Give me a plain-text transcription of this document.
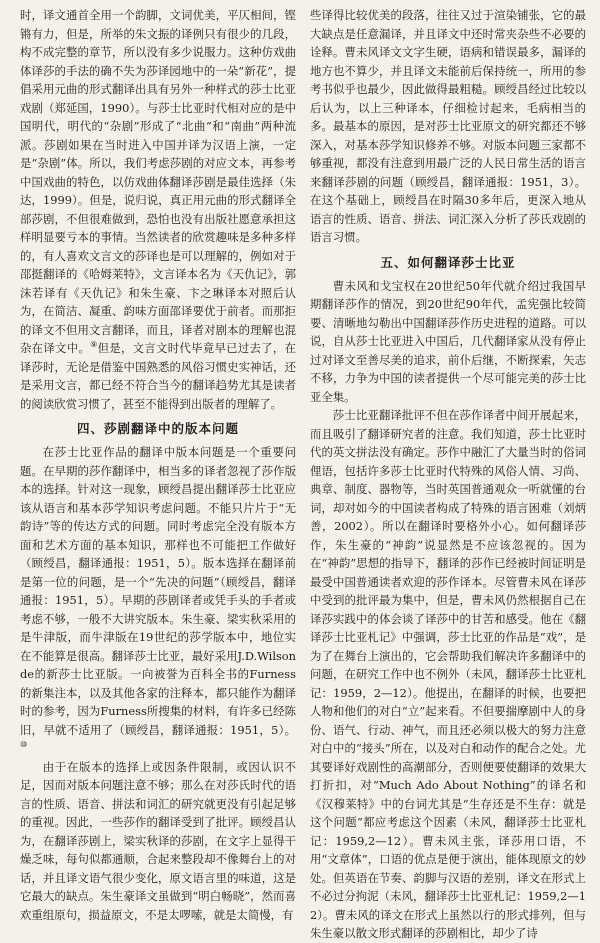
时，译文通首全用一个韵脚，文词优美，平仄相间，铿锵有力，但是，所举的朱文振的译例只有很少的几段，构不成完整的章节，所以没有多少说服力。这种仿戏曲体译莎的手法的确不失为莎译园地中的一朵“新花”，提倡采用元曲的形式翻译出具有另外一种样式的莎士比亚戏剧（郑延国，1990）。与莎士比亚时代相对应的是中国明代，明代的“杂剧”形成了“北曲”和“南曲”两种流派。莎剧如果在当时进入中国并译为汉语上演，一定是“杂剧”体。所以，我们考虑莎剧的对应文本，再参考中国戏曲的特色，以仿戏曲体翻译莎剧是最佳选择（朱达，1999）。但是，说归说，真正用元曲的形式翻译全部莎剧，不但很难做到，恐怕也没有出版社愿意承担这样明显要亏本的事情。当然读者的欣赏趣味是多种多样的，有人喜欢文言文的莎译也是可以理解的，例如对于邵挺翻译的《哈姆莱特》，文言译本名为《天仇记》，郭沫若译有《天仇记》和朱生豪、卞之琳译本对照后认为，在简洁、凝重、韵味方面邵译要优于前者。而那拒的译文不但用文言翻译，而且，译者对剧本的理解也混杂在译文中。⑨但是，文言文时代毕竟早已过去了，在译莎时，无论是借鉴中国熟悉的风俗习惯史实神话，还是采用文言，都已经不符合当今的翻译趋势尤其是读者的阅读欣赏习惯了，甚至不能得到出版者的理解了。

四、莎剧翻译中的版本问题

在莎士比亚作品的翻译中版本问题是一个重要问题。在早期的莎作翻译中，相当多的译者忽视了莎作版本的选择。针对这一现象，顾绶昌提出翻译莎士比亚应该从语言和基本莎学知识考虑问题。不能只片片于“无韵诗”等的传达方式的问题。同时考虑完全没有版本方面和艺术方面的基本知识，那样也不可能把工作做好（顾绶昌，翻译通报：1951，5）。版本选择在翻译前是第一位的问题，是一个“先决的问题”（顾绶昌，翻译通报：1951，5）。早期的莎剧译者或凭手头的手者或考虑不够，一般不大讲究版本。朱生豪、梁实秋采用的是牛津版，而牛津版在19世纪的莎学版本中，地位实在不能算是很高。翻译莎士比亚，最好采用J.D.Wilsonde的新莎士比亚版。一向被誉为百科全书的Furness的新集注本，以及其他各家的注释本，都只能作为翻译时的参考，因为Furness所搜集的材料，有许多已经陈旧，早就不适用了（顾绶昌，翻译通报：1951，5）。⑩

由于在版本的选择上或因条件限制，或因认识不足，因而对版本问题注意不够；那么在对莎氏时代的语言的性质、语音、拼法和词汇的研究就更没有引起足够的重视。因此，一些莎作的翻译受到了批评。顾绶昌认为，在翻译莎剧上，梁实秋译的莎剧，在文字上显得干燥乏味，每句似都通顺，合起来整段却不像舞台上的对话，并且译文语气很少变化，原文语言里的味道，这是它最大的缺点。朱生豪译文虽做到“明白畅晓”，然而喜欢重组原句，损益原文，不是太啰嗦，就是太简慢，有

些译得比较优美的段落，往往又过于渲染铺张，它的最大缺点是任意漏译，并且译文中还时常夹杂些不必要的诠释。曹未风译文文字生硬，语病和错误最多，漏译的地方也不算少，并且译文未能前后保持统一，所用的参考书似乎也最少，因此做得最粗糙。顾绶昌经过比较以后认为，以上三种译本，仔细检讨起来，毛病相当的多。最基本的原因，是对莎士比亚原文的研究都还不够深入，对基本莎学知识修养不够。对版本问题三家都不够重视，都没有注意到用最广泛的人民日常生活的语言来翻译莎剧的问题（顾绶昌，翻译通报：1951，3）。在这个基础上，顾绶昌在时隔30多年后，更深入地从语言的性质、语音、拼法、词汇深入分析了莎氏戏剧的语言习惯。

五、如何翻译莎士比亚

曹未风和戈宝权在20世纪50年代就介绍过我国早期翻译莎作的情况，到20世纪90年代，孟宪强比较简要、清晰地勾勒出中国翻译莎作历史进程的道路。可以说，自从莎士比亚进入中国后，几代翻译家从没有停止过对译文至善尽美的追求，前仆后继，不断探索，矢志不移，力争为中国的读者提供一个尽可能完美的莎士比亚全集。

莎士比亚翻译批评不但在莎作译者中间开展起来，而且吸引了翻译研究者的注意。我们知道，莎士比亚时代的英文拼法没有确定。莎作中融汇了大量当时的俗词俚语，包括许多莎士比亚时代特殊的风俗人情、习尚、典章、制度、器物等，当时英国普通观众一听就懂的台词，却对如今的中国读者构成了特殊的语言困难（刘炳善，2002）。所以在翻译时要格外小心。如何翻译莎作，朱生豪的“神韵”说显然是不应该忽视的。因为在“神韵”思想的指导下，翻译的莎作已经被时间证明是最受中国普通读者欢迎的莎作译本。尽管曹未风在译莎中受到的批评最为集中，但是，曹未风仍然根据自己在译莎实践中的体会谈了译莎中的甘苦和感受。他在《翻译莎士比亚札记》中强调，莎士比亚的作品是“戏”，是为了在舞台上演出的，它会帮助我们解决许多翻译中的问题，在研究工作中也不例外（未风，翻译莎士比亚札记：1959，2—12）。他提出，在翻译的时候，也要把人物和他们的对白“立”起来看。不但要揣摩剧中人的身份、语气、行动、神气，而且还必须以极大的努力注意对白中的“接头”所在，以及对白和动作的配合之处。尤其要译好戏剧性的高潮部分，否则便要使翻译的效果大打折扣，对“Much Ado About Nothing”的译名和《汉穆莱特》中的台词尤其是“生存还是不生存：就是这个问题”都应考虑这个因素（未风，翻译莎士比亚札记：1959,2—12）。曹未风主张，译莎用口语，不用“文章体”，口语的优点是便于演出，能体现原文的妙处。但英语在节奏、韵脚与汉语的差别，译文在形式上不必过分拘泥（未风，翻译莎士比亚札记：1959,2—12）。曹未风的译文在形式上虽然以行的形式排列，但与朱生豪以散文形式翻译的莎剧相比，却少了诗
